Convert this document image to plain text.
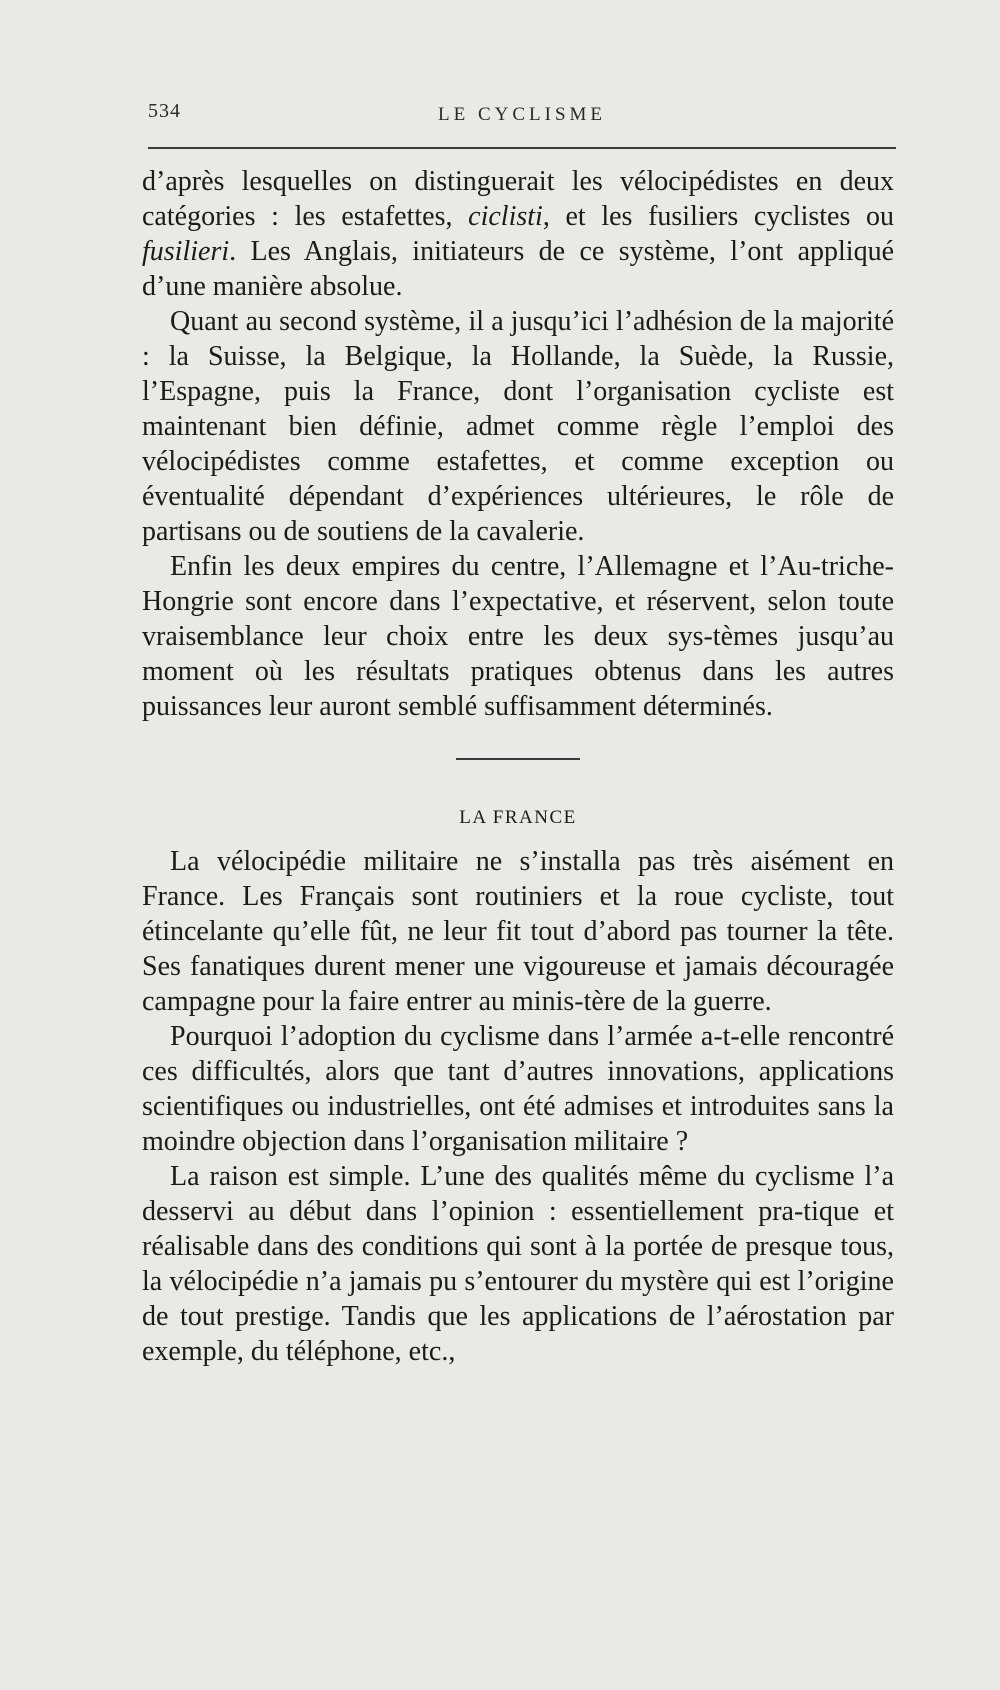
534	LE CYCLISME

d’après lesquelles on distinguerait les vélocipédistes en deux catégories : les estafettes, ciclisti, et les fusiliers cyclistes ou fusilieri. Les Anglais, initiateurs de ce système, l’ont appliqué d’une manière absolue.

Quant au second système, il a jusqu’ici l’adhésion de la majorité : la Suisse, la Belgique, la Hollande, la Suède, la Russie, l’Espagne, puis la France, dont l’organisation cycliste est maintenant bien définie, admet comme règle l’emploi des vélocipédistes comme estafettes, et comme exception ou éventualité dépendant d’expériences ultérieures, le rôle de partisans ou de soutiens de la cavalerie.

Enfin les deux empires du centre, l’Allemagne et l’Au-triche-Hongrie sont encore dans l’expectative, et réservent, selon toute vraisemblance leur choix entre les deux sys-tèmes jusqu’au moment où les résultats pratiques obtenus dans les autres puissances leur auront semblé suffisamment déterminés.

LA FRANCE

La vélocipédie militaire ne s’installa pas très aisément en France. Les Français sont routiniers et la roue cycliste, tout étincelante qu’elle fût, ne leur fit tout d’abord pas tourner la tête. Ses fanatiques durent mener une vigoureuse et jamais découragée campagne pour la faire entrer au minis-tère de la guerre.

Pourquoi l’adoption du cyclisme dans l’armée a-t-elle rencontré ces difficultés, alors que tant d’autres innovations, applications scientifiques ou industrielles, ont été admises et introduites sans la moindre objection dans l’organisation militaire ?

La raison est simple. L’une des qualités même du cyclisme l’a desservi au début dans l’opinion : essentiellement pra-tique et réalisable dans des conditions qui sont à la portée de presque tous, la vélocipédie n’a jamais pu s’entourer du mystère qui est l’origine de tout prestige. Tandis que les applications de l’aérostation par exemple, du téléphone, etc.,
